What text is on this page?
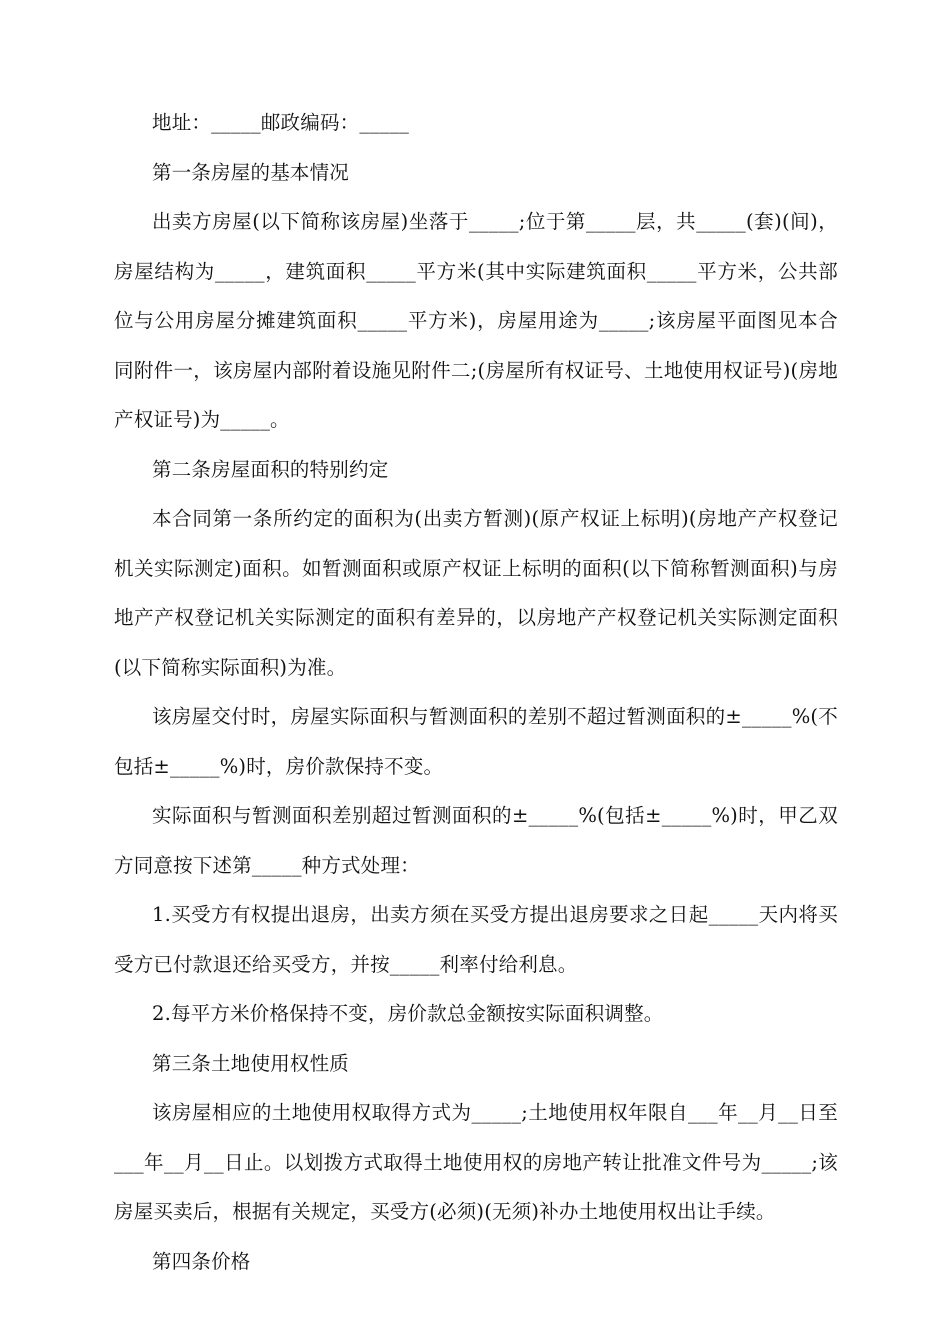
地址：_____邮政编码：_____

第一条房屋的基本情况

出卖方房屋(以下简称该房屋)坐落于_____;位于第_____层，共_____(套)(间)，房屋结构为_____，建筑面积_____平方米(其中实际建筑面积_____平方米，公共部位与公用房屋分摊建筑面积_____平方米)，房屋用途为_____;该房屋平面图见本合同附件一，该房屋内部附着设施见附件二;(房屋所有权证号、土地使用权证号)(房地产权证号)为_____。

第二条房屋面积的特别约定

本合同第一条所约定的面积为(出卖方暂测)(原产权证上标明)(房地产产权登记机关实际测定)面积。如暂测面积或原产权证上标明的面积(以下简称暂测面积)与房地产产权登记机关实际测定的面积有差异的，以房地产产权登记机关实际测定面积(以下简称实际面积)为准。

该房屋交付时，房屋实际面积与暂测面积的差别不超过暂测面积的±_____%(不包括±_____%)时，房价款保持不变。

实际面积与暂测面积差别超过暂测面积的±_____%(包括±_____%)时，甲乙双方同意按下述第_____种方式处理：

1.买受方有权提出退房，出卖方须在买受方提出退房要求之日起_____天内将买受方已付款退还给买受方，并按_____利率付给利息。

2.每平方米价格保持不变，房价款总金额按实际面积调整。

第三条土地使用权性质

该房屋相应的土地使用权取得方式为_____;土地使用权年限自___年__月__日至___年__月__日止。以划拨方式取得土地使用权的房地产转让批准文件号为_____;该房屋买卖后，根据有关规定，买受方(必须)(无须)补办土地使用权出让手续。

第四条价格
